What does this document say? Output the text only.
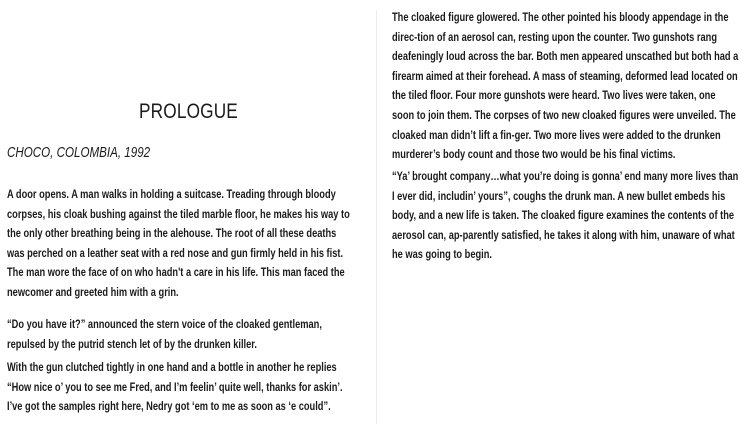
PROLOGUE

CHOCO, COLOMBIA, 1992

A door opens. A man walks in holding a suitcase. Treading through bloody corpses, his cloak bushing against the tiled marble floor, he makes his way to the only other breathing being in the alehouse. The root of all these deaths was perched on a leather seat with a red nose and gun firmly held in his fist. The man wore the face of on who hadn't a care in his life. This man faced the newcomer and greeted him with a grin.

“Do you have it?” announced the stern voice of the cloaked gentleman, repulsed by the putrid stench let of by the drunken killer.

With the gun clutched tightly in one hand and a bottle in another he replies “How nice o’ you to see me Fred, and I’m feelin’ quite well, thanks for askin’. I’ve got the samples right here, Nedry got ‘em to me as soon as ‘e could”.

The cloaked figure glowered. The other pointed his bloody appendage in the direc-tion of an aerosol can, resting upon the counter. Two gunshots rang deafeningly loud across the bar. Both men appeared unscathed but both had a firearm aimed at their forehead. A mass of steaming, deformed lead located on the tiled floor. Four more gunshots were heard. Two lives were taken, one soon to join them. The corpses of two new cloaked figures were unveiled. The cloaked man didn’t lift a fin-ger. Two more lives were added to the drunken murderer’s body count and those two would be his final victims.

“Ya’ brought company…what you’re doing is gonna’ end many more lives than I ever did, includin’ yours”, coughs the drunk man. A new bullet embeds his body, and a new life is taken. The cloaked figure examines the contents of the aerosol can, ap-parently satisfied, he takes it along with him, unaware of what he was going to begin.
